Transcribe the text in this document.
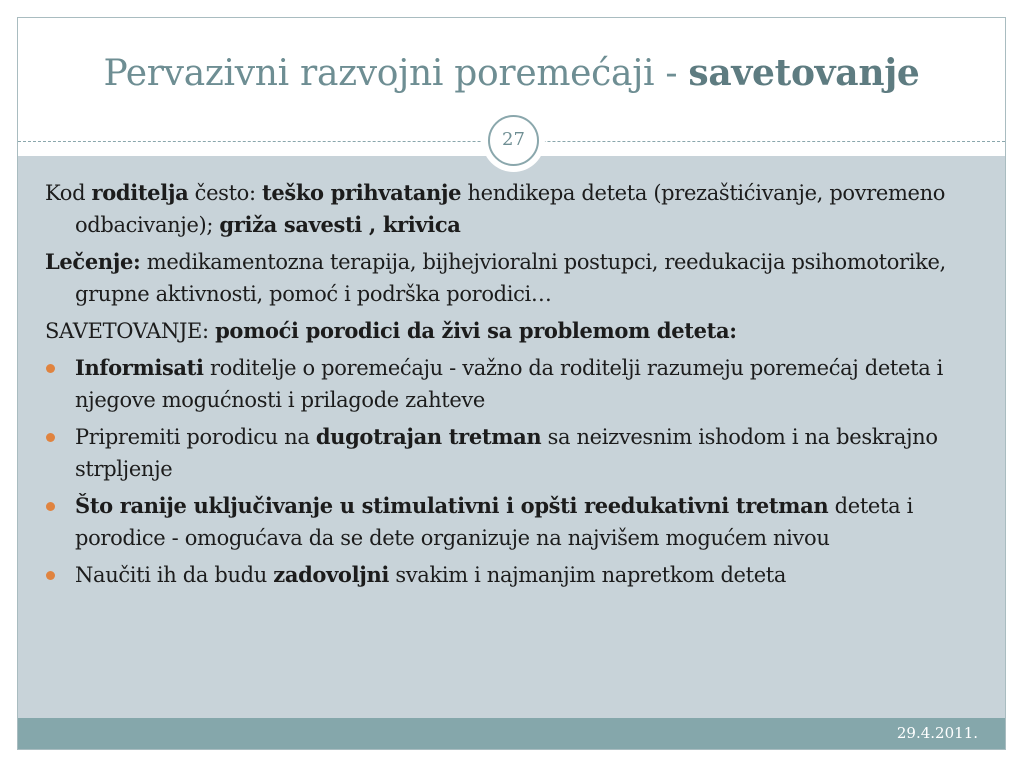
Pervazivni razvojni poremećaji - savetovanje
29.4.2011.
27
Kod roditelja često: teško prihvatanje hendikepa deteta (prezaštićivanje, povremeno odbacivanje); griža savesti , krivica
Lečenje: medikamentozna terapija, bijhejvioralni postupci, reedukacija psihomotorike, grupne aktivnosti, pomoć i podrška porodici…
SAVETOVANJE: pomoći porodici da živi sa problemom deteta:
Informisati roditelje o poremećaju - važno da roditelji razumeju poremećaj deteta i njegove mogućnosti i prilagode zahteve
Pripremiti porodicu na dugotrajan tretman sa neizvesnim ishodom i na beskrajno strpljenje
Što ranije uključivanje u stimulativni i opšti reedukativni tretman deteta i porodice - omogućava da se dete organizuje na najvišem mogućem nivou
Naučiti ih da budu zadovoljni svakim i najmanjim napretkom deteta
